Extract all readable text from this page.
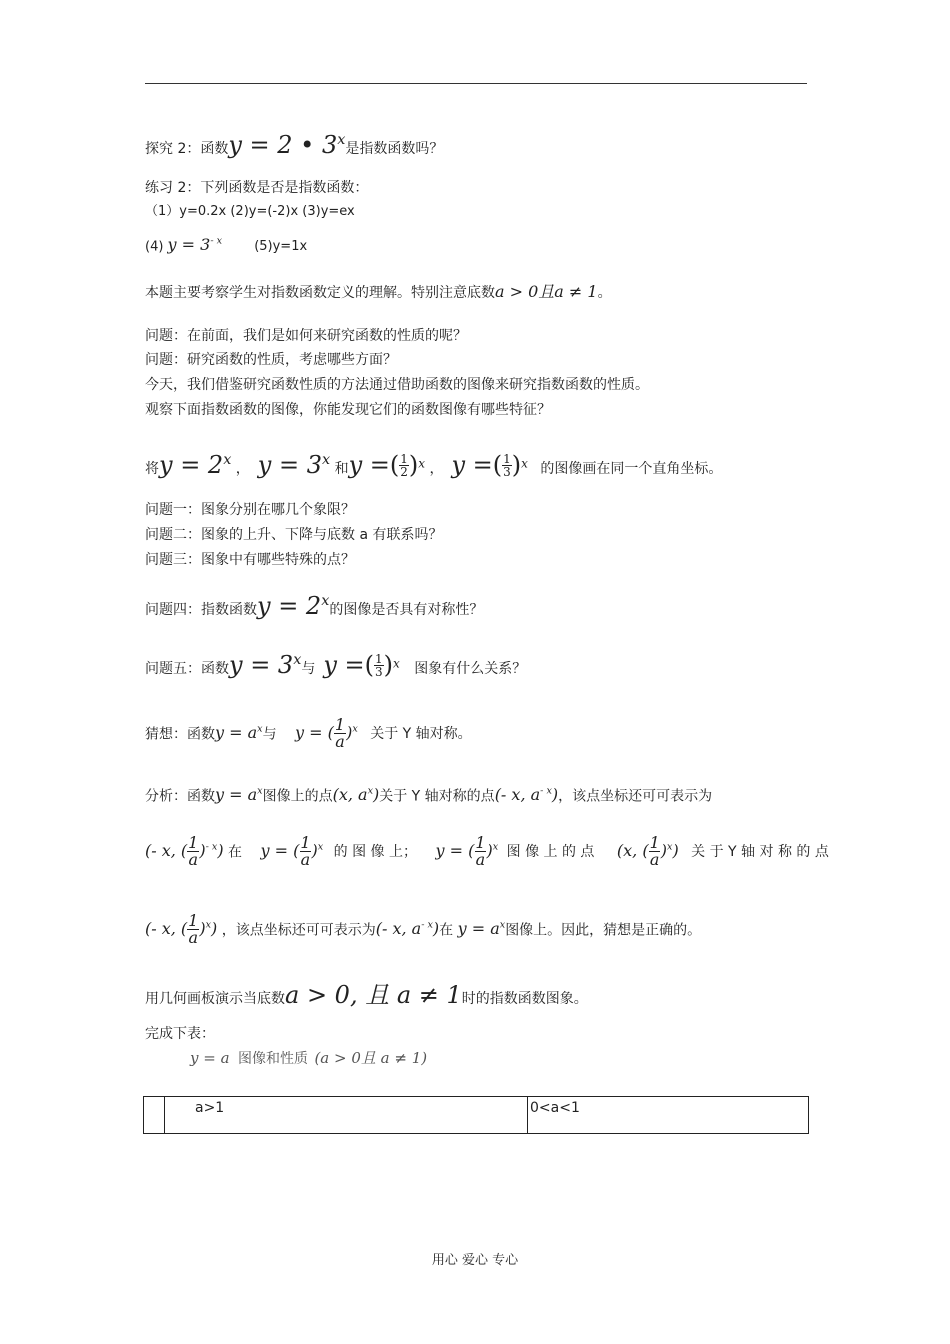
探究 2：函数y = 2 • 3$^x$是指数函数吗？
练习 2：下列函数是否是指数函数：
（1）y=0.2x (2)y=(-2)x (3)y=ex
(4) $y = 3^{- x}$ (5)y=1x
本题主要考察学生对指数函数定义的理解。特别注意底数a > 0且a ≠ 1。
问题：在前面，我们是如何来研究函数的性质的呢？
问题：研究函数的性质，考虑哪些方面？
今天，我们借鉴研究函数性质的方法通过借助函数的图像来研究指数函数的性质。
观察下面指数函数的图像，你能发现它们的函数图像有哪些特征？
将$y = 2^x$ ， $y = 3^x$ 和y =( $\frac{1}{2} )^x$ ， y =( $\frac{1}{3} )^x$ 的图像画在同一个直角坐标。
问题一：图象分别在哪几个象限？
问题二：图象的上升、下降与底数 a 有联系吗？
问题三：图象中有哪些特殊的点？
问题四：指数函数$y = 2^x$的图像是否具有对称性？
问题五：函数$y = 3^x$与 y =( $\frac{1}{3} )^x$ 图象有什么关系？
猜想：函数$y = a^x$与 y = ( $\frac{1}{a} )^x$ 关于 Y 轴对称。
分析：函数$y = a^x$图像上的点(x, $a^x$)关于 Y 轴对称的点(- x, $a^{- x}$)，该点坐标还可可表示为
(- x, ( $\frac{1}{a} )^{- x}$) 在 y = ( $\frac{1}{a} )^x$ 的 图 像 上； y = ( $\frac{1}{a} )^x$ 图 像 上 的 点 (x, ( $\frac{1}{a} )^x$) 关 于 Y 轴 对 称 的 点
(- x, ( $\frac{1}{a} )^x$) ，该点坐标还可可表示为(- x, $a^{- x}$)在 $y = a^x$图像上。因此，猜想是正确的。
用几何画板演示当底数a > 0, 且 a ≠ 1时的指数函数图象。
完成下表：
y = a 图像和性质 (a > 0且 a ≠ 1)
	a>1	0<a<1
用心 爱心 专心
